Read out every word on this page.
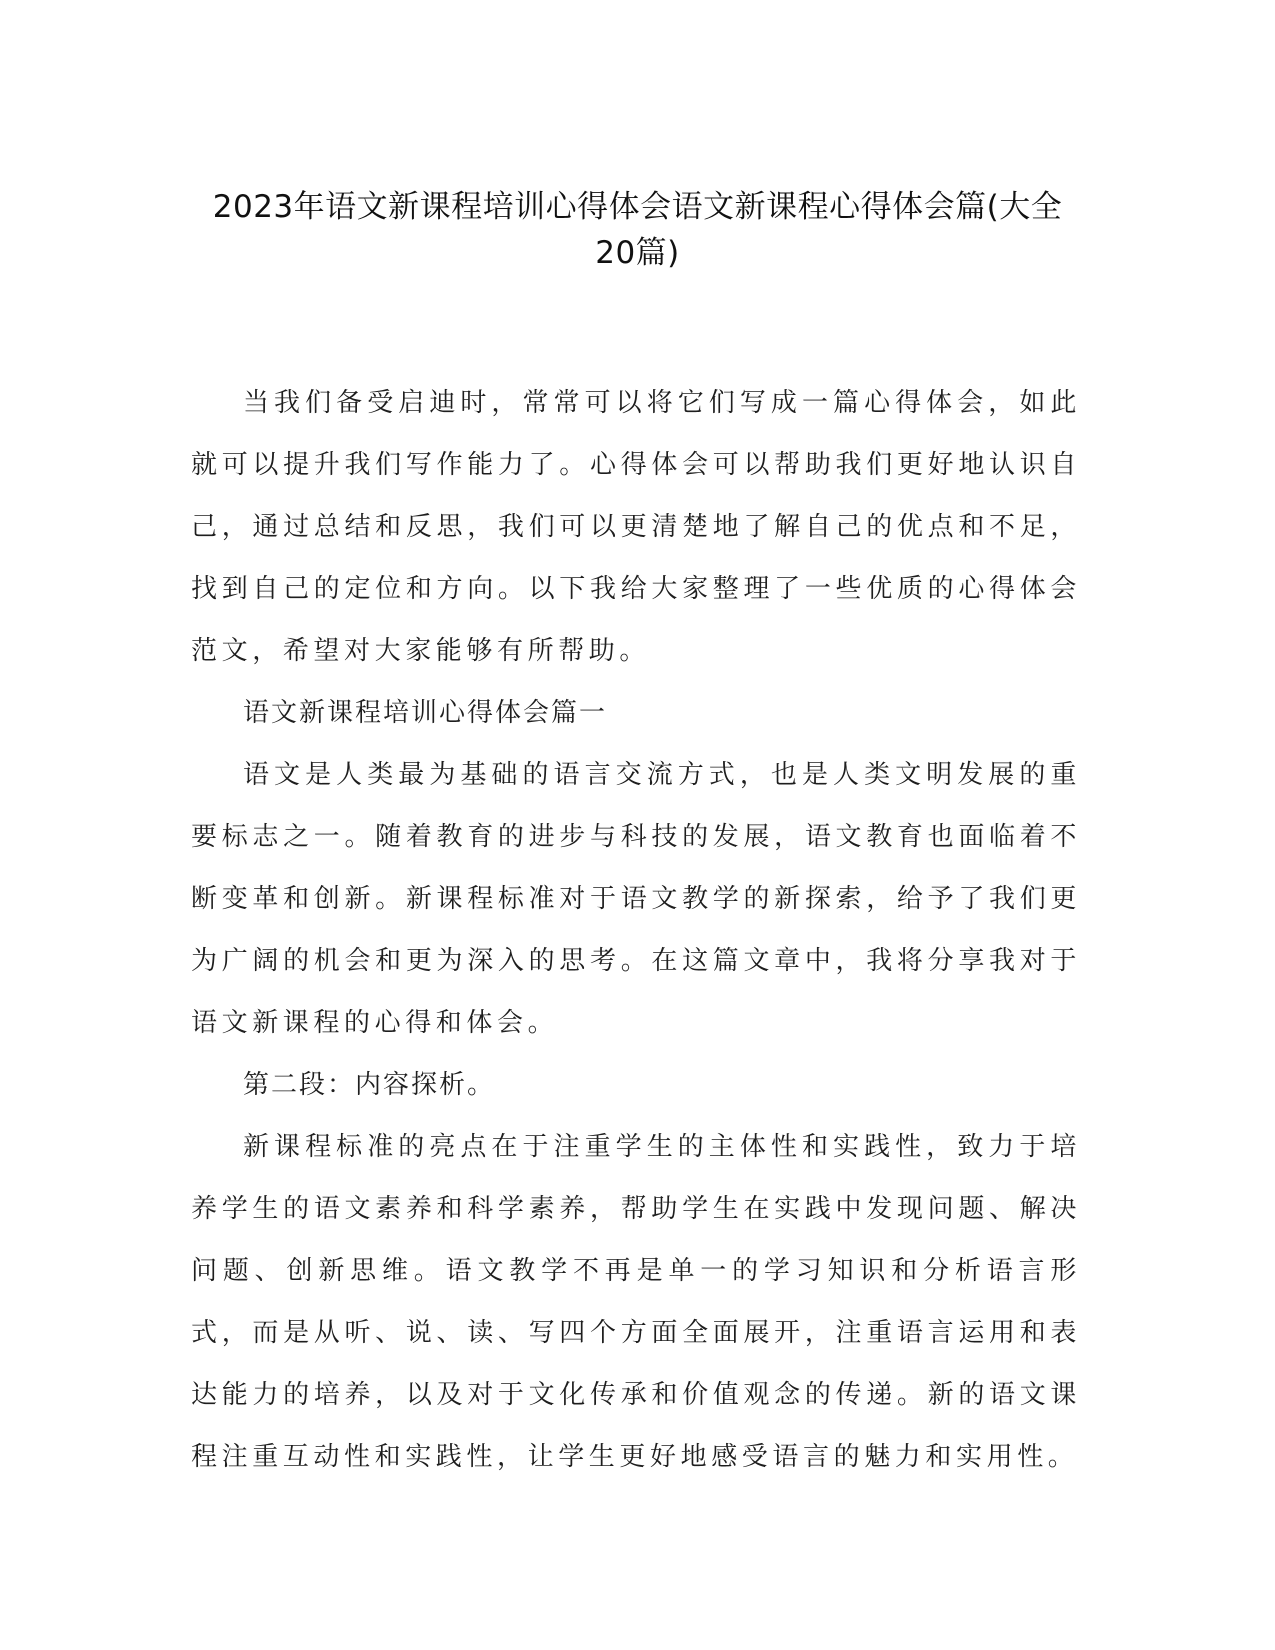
2023年语文新课程培训心得体会语文新课程心得体会篇(大全
20篇)

当我们备受启迪时，常常可以将它们写成一篇心得体会，如此就可以提升我们写作能力了。心得体会可以帮助我们更好地认识自己，通过总结和反思，我们可以更清楚地了解自己的优点和不足，找到自己的定位和方向。以下我给大家整理了一些优质的心得体会范文，希望对大家能够有所帮助。

语文新课程培训心得体会篇一

语文是人类最为基础的语言交流方式，也是人类文明发展的重要标志之一。随着教育的进步与科技的发展，语文教育也面临着不断变革和创新。新课程标准对于语文教学的新探索，给予了我们更为广阔的机会和更为深入的思考。在这篇文章中，我将分享我对于语文新课程的心得和体会。

第二段：内容探析。

新课程标准的亮点在于注重学生的主体性和实践性，致力于培养学生的语文素养和科学素养，帮助学生在实践中发现问题、解决问题、创新思维。语文教学不再是单一的学习知识和分析语言形式，而是从听、说、读、写四个方面全面展开，注重语言运用和表达能力的培养，以及对于文化传承和价值观念的传递。新的语文课程注重互动性和实践性，让学生更好地感受语言的魅力和实用性。
